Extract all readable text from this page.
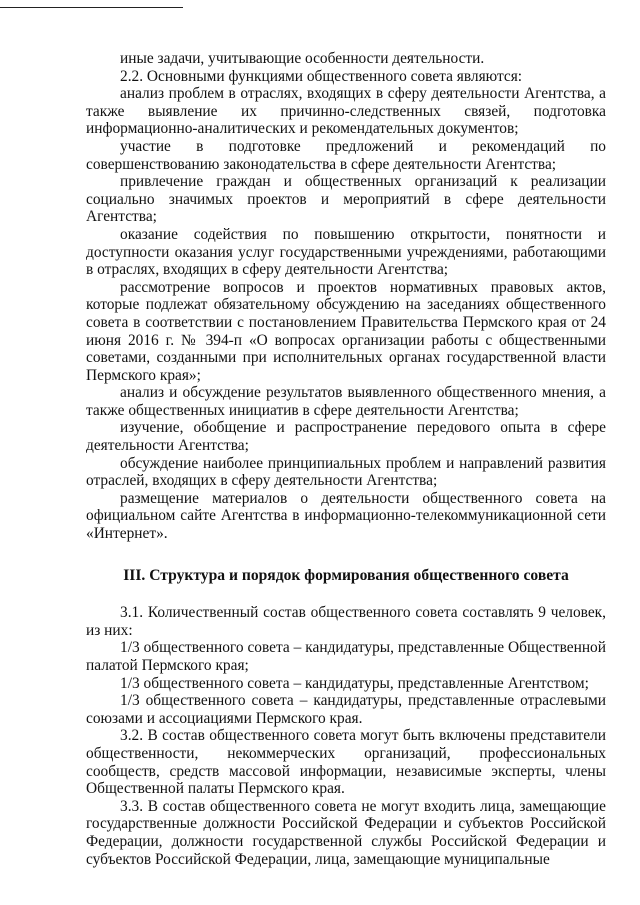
иные задачи, учитывающие особенности деятельности.

2.2. Основными функциями общественного совета являются:

анализ проблем в отраслях, входящих в сферу деятельности Агентства, а также выявление их причинно-следственных связей, подготовка информационно-аналитических и рекомендательных документов;

участие в подготовке предложений и рекомендаций по совершенствованию законодательства в сфере деятельности Агентства;

привлечение граждан и общественных организаций к реализации социально значимых проектов и мероприятий в сфере деятельности Агентства;

оказание содействия по повышению открытости, понятности и доступности оказания услуг государственными учреждениями, работающими в отраслях, входящих в сферу деятельности Агентства;

рассмотрение вопросов и проектов нормативных правовых актов, которые подлежат обязательному обсуждению на заседаниях общественного совета в соответствии с постановлением Правительства Пермского края от 24 июня 2016 г. № 394-п «О вопросах организации работы с общественными советами, созданными при исполнительных органах государственной власти Пермского края»;

анализ и обсуждение результатов выявленного общественного мнения, а также общественных инициатив в сфере деятельности Агентства;

изучение, обобщение и распространение передового опыта в сфере деятельности Агентства;

обсуждение наиболее принципиальных проблем и направлений развития отраслей, входящих в сферу деятельности Агентства;

размещение материалов о деятельности общественного совета на официальном сайте Агентства в информационно-телекоммуникационной сети «Интернет».

III. Структура и порядок формирования общественного совета

3.1. Количественный состав общественного совета составлять 9 человек, из них:

1/3 общественного совета – кандидатуры, представленные Общественной палатой Пермского края;

1/3 общественного совета – кандидатуры, представленные Агентством;

1/3 общественного совета – кандидатуры, представленные отраслевыми союзами и ассоциациями Пермского края.

3.2. В состав общественного совета могут быть включены представители общественности, некоммерческих организаций, профессиональных сообществ, средств массовой информации, независимые эксперты, члены Общественной палаты Пермского края.

3.3. В состав общественного совета не могут входить лица, замещающие государственные должности Российской Федерации и субъектов Российской Федерации, должности государственной службы Российской Федерации и субъектов Российской Федерации, лица, замещающие муниципальные
